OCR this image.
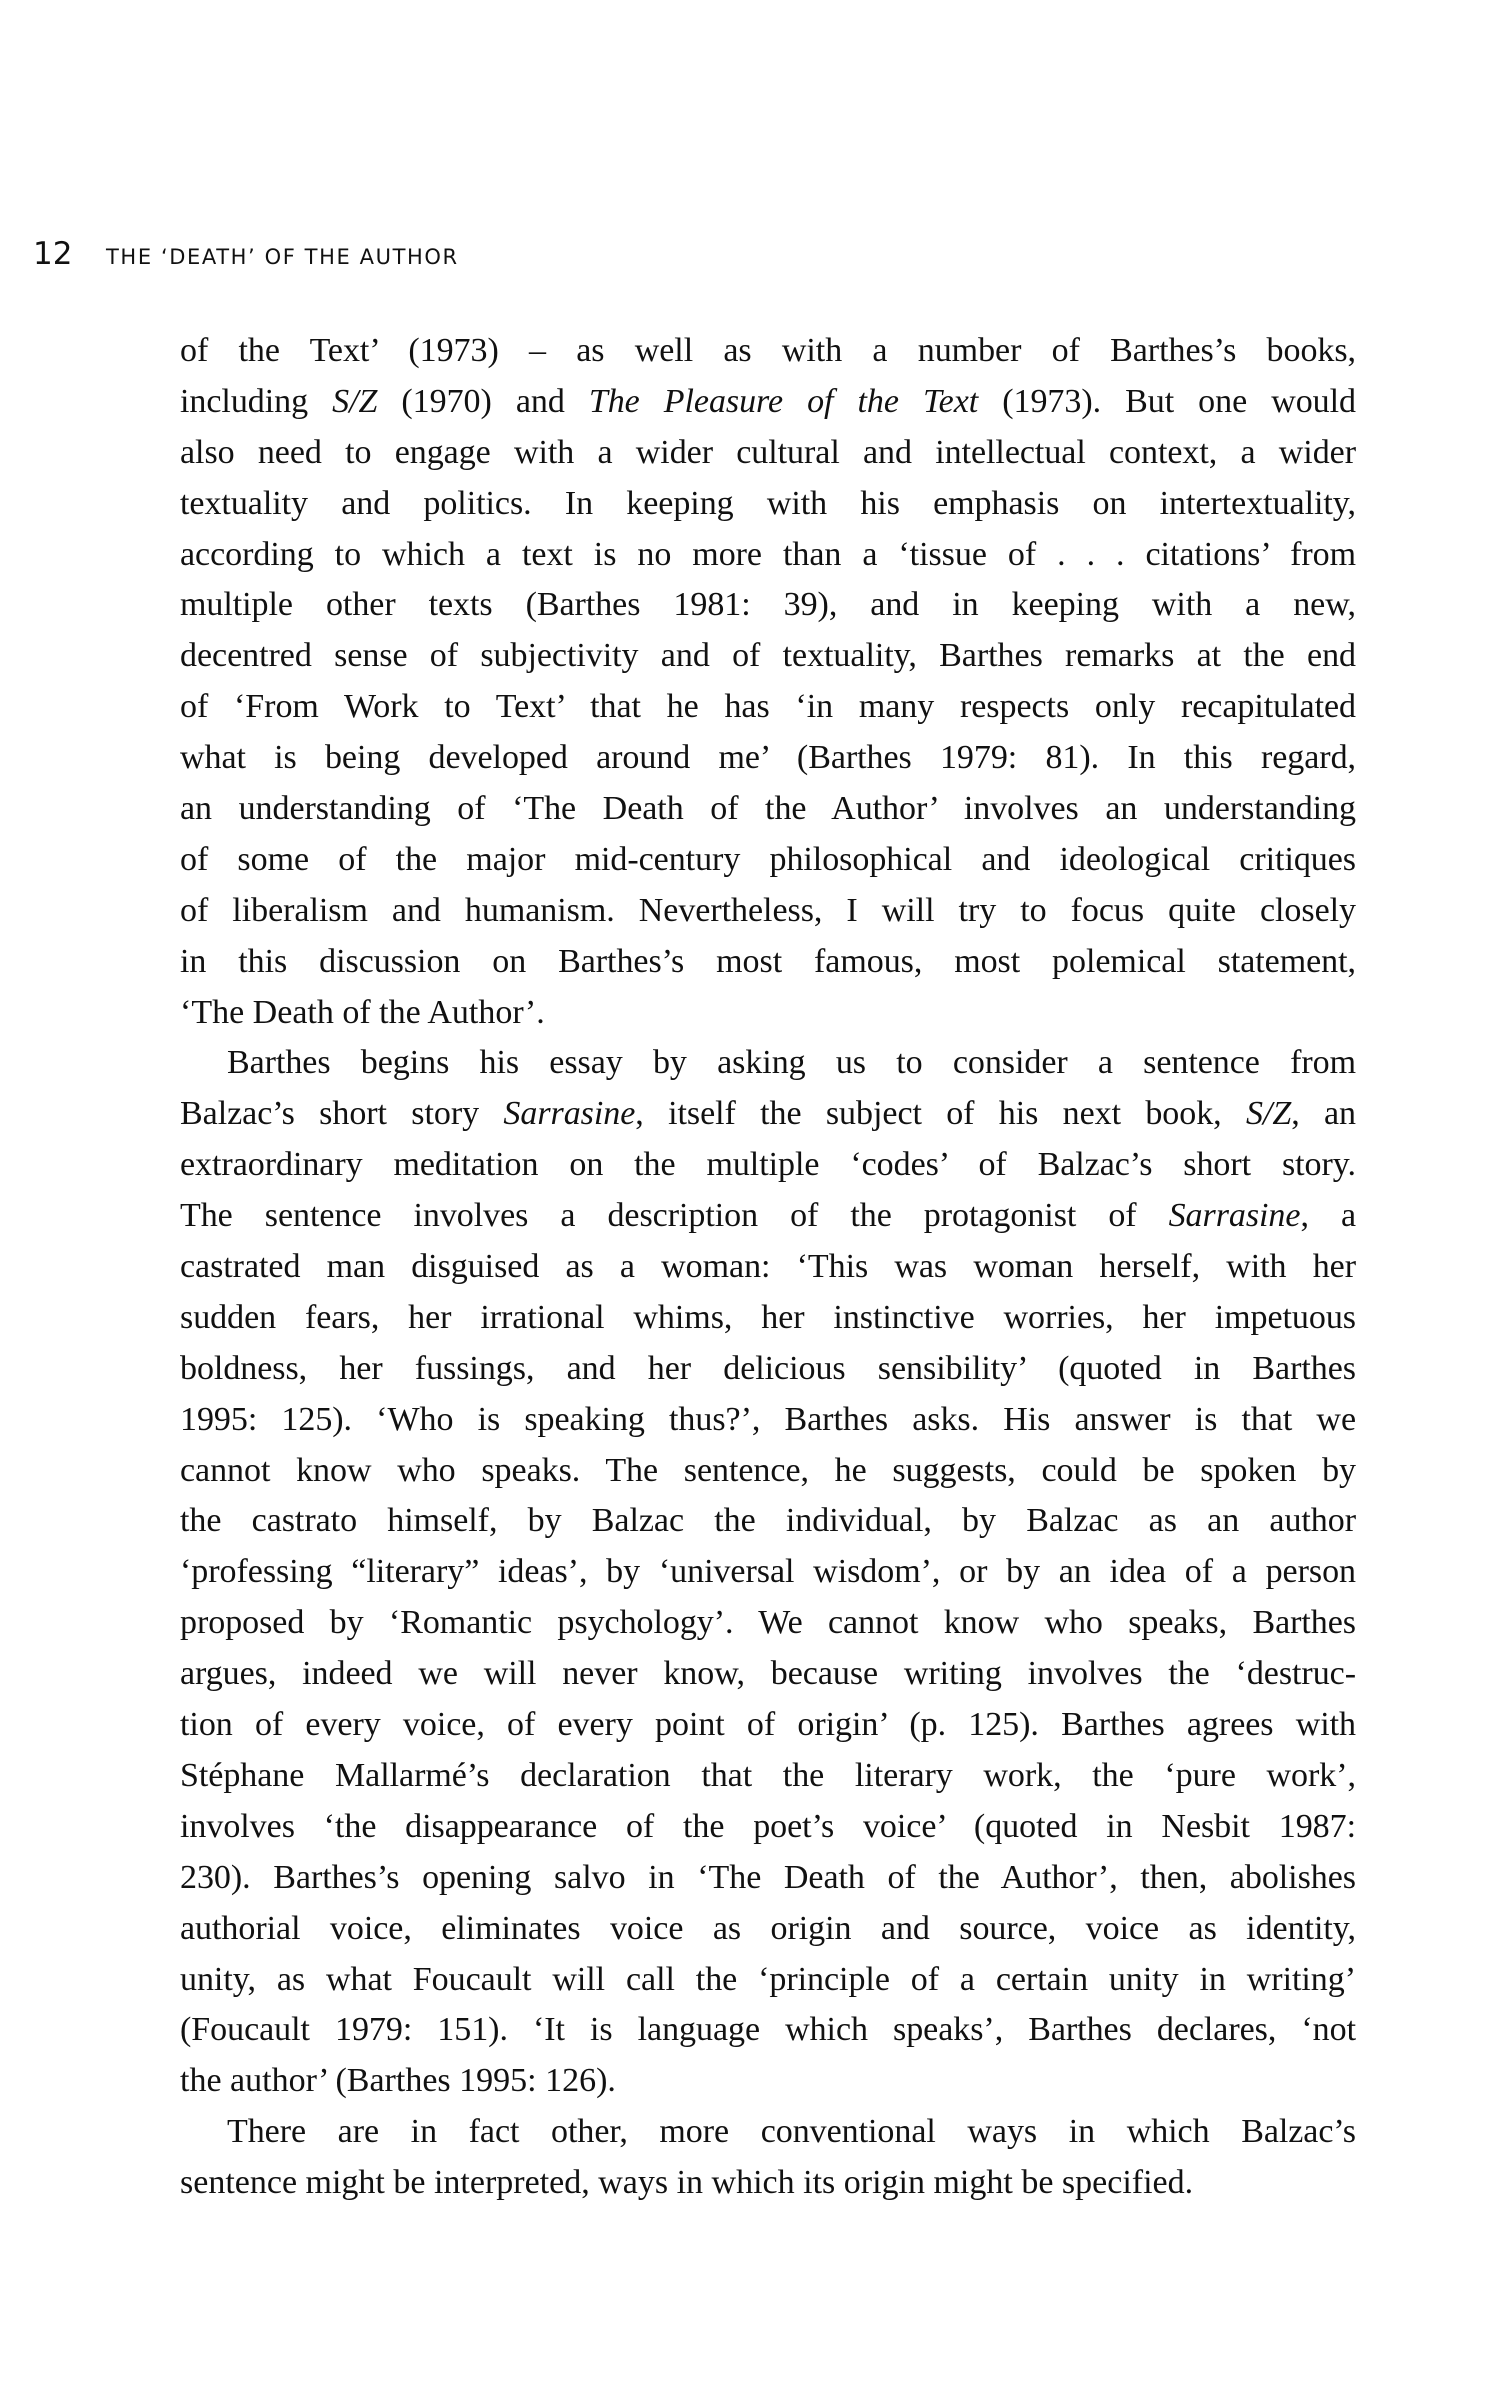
12	THE ‘DEATH’ OF THE AUTHOR
of the Text’ (1973) – as well as with a number of Barthes’s books,
including S/Z (1970) and The Pleasure of the Text (1973). But one would
also need to engage with a wider cultural and intellectual context, a wider
textuality and politics. In keeping with his emphasis on intertextuality,
according to which a text is no more than a ‘tissue of . . . citations’ from
multiple other texts (Barthes 1981: 39), and in keeping with a new,
decentred sense of subjectivity and of textuality, Barthes remarks at the end
of ‘From Work to Text’ that he has ‘in many respects only recapitulated
what is being developed around me’ (Barthes 1979: 81). In this regard,
an understanding of ‘The Death of the Author’ involves an understanding
of some of the major mid-century philosophical and ideological critiques
of liberalism and humanism. Nevertheless, I will try to focus quite closely
in this discussion on Barthes’s most famous, most polemical statement,
‘The Death of the Author’.
Barthes begins his essay by asking us to consider a sentence from
Balzac’s short story Sarrasine, itself the subject of his next book, S/Z, an
extraordinary meditation on the multiple ‘codes’ of Balzac’s short story.
The sentence involves a description of the protagonist of Sarrasine, a
castrated man disguised as a woman: ‘This was woman herself, with her
sudden fears, her irrational whims, her instinctive worries, her impetuous
boldness, her fussings, and her delicious sensibility’ (quoted in Barthes
1995: 125). ‘Who is speaking thus?’, Barthes asks. His answer is that we
cannot know who speaks. The sentence, he suggests, could be spoken by
the castrato himself, by Balzac the individual, by Balzac as an author
‘professing “literary” ideas’, by ‘universal wisdom’, or by an idea of a person
proposed by ‘Romantic psychology’. We cannot know who speaks, Barthes
argues, indeed we will never know, because writing involves the ‘destruc-
tion of every voice, of every point of origin’ (p. 125). Barthes agrees with
Stéphane Mallarmé’s declaration that the literary work, the ‘pure work’,
involves ‘the disappearance of the poet’s voice’ (quoted in Nesbit 1987:
230). Barthes’s opening salvo in ‘The Death of the Author’, then, abolishes
authorial voice, eliminates voice as origin and source, voice as identity,
unity, as what Foucault will call the ‘principle of a certain unity in writing’
(Foucault 1979: 151). ‘It is language which speaks’, Barthes declares, ‘not
the author’ (Barthes 1995: 126).
There are in fact other, more conventional ways in which Balzac’s
sentence might be interpreted, ways in which its origin might be specified.
